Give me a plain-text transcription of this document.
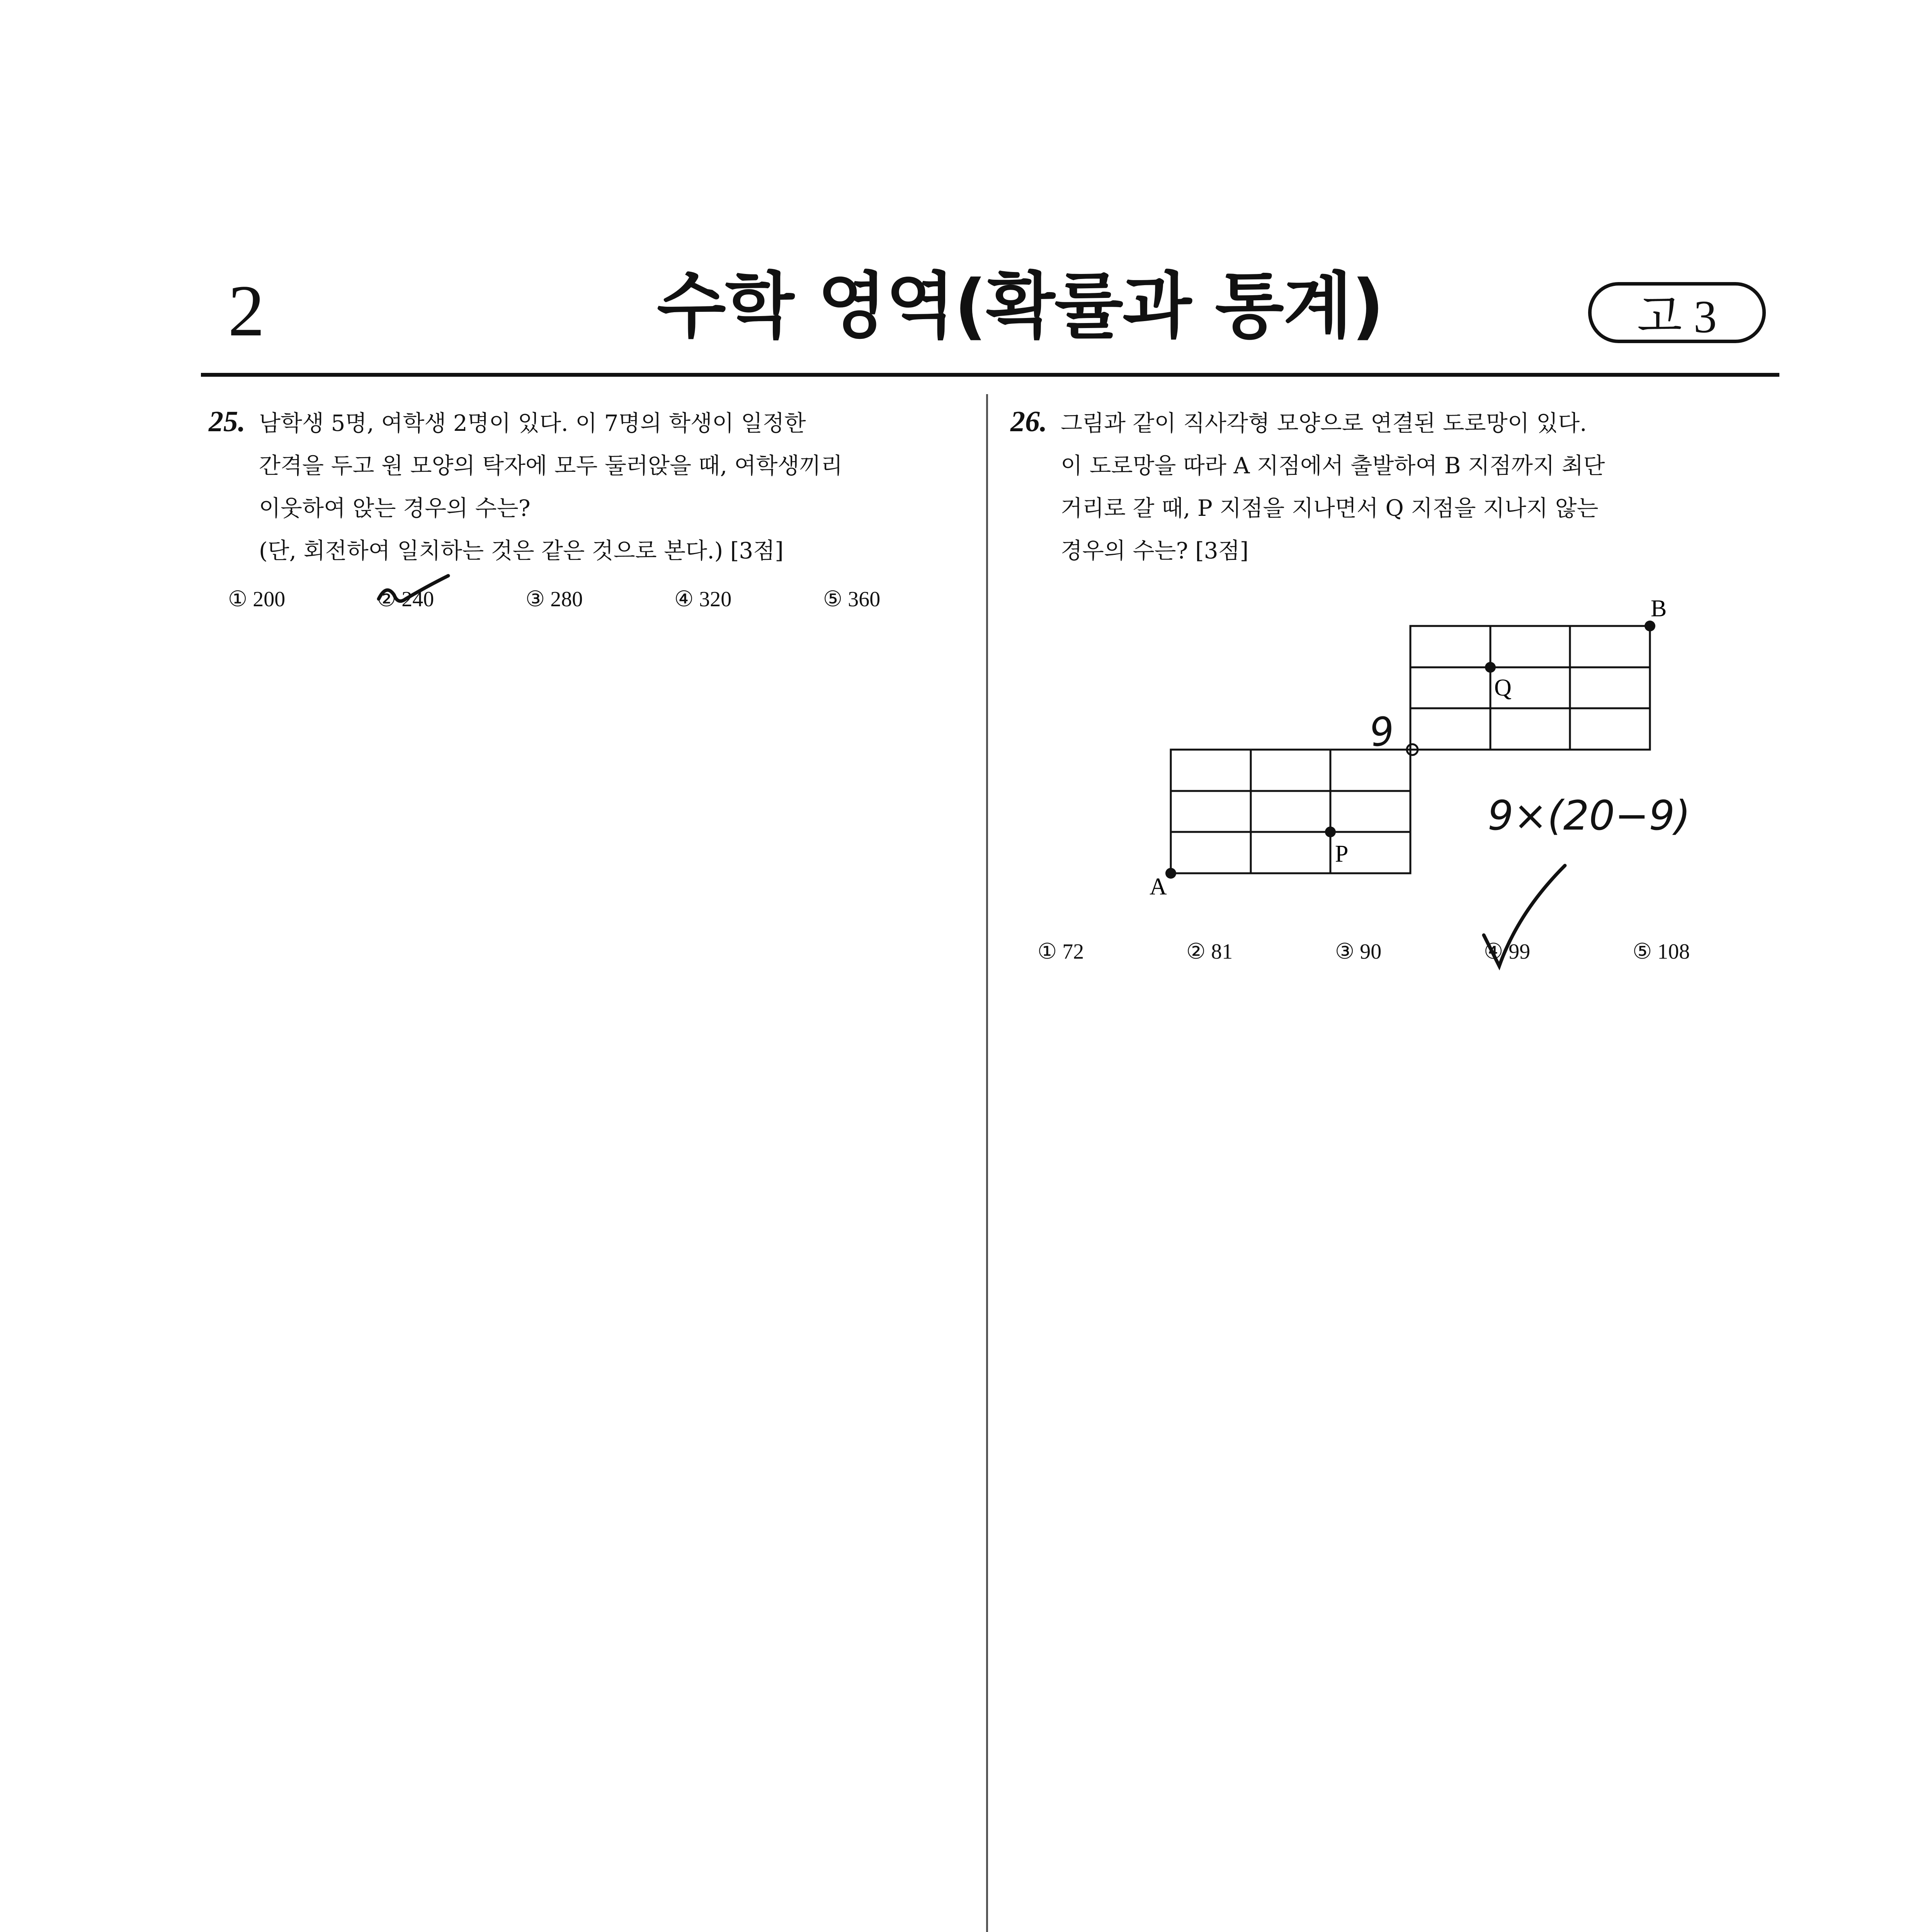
2	수학 영역(확률과 통계)	고 3
25. 남학생 5명, 여학생 2명이 있다. 이 7명의 학생이 일정한
간격을 두고 원 모양의 탁자에 모두 둘러앉을 때, 여학생끼리
이웃하여 앉는 경우의 수는?
(단, 회전하여 일치하는 것은 같은 것으로 본다.) [3점]
① 200	② 240	③ 280	④ 320	⑤ 360
26. 그림과 같이 직사각형 모양으로 연결된 도로망이 있다.
이 도로망을 따라 A 지점에서 출발하여 B 지점까지 최단
거리로 갈 때, P 지점을 지나면서 Q 지점을 지나지 않는
경우의 수는? [3점]
A
B
P
Q
9
9×(20−9)
① 72	② 81	③ 90	④ 99	⑤ 108
